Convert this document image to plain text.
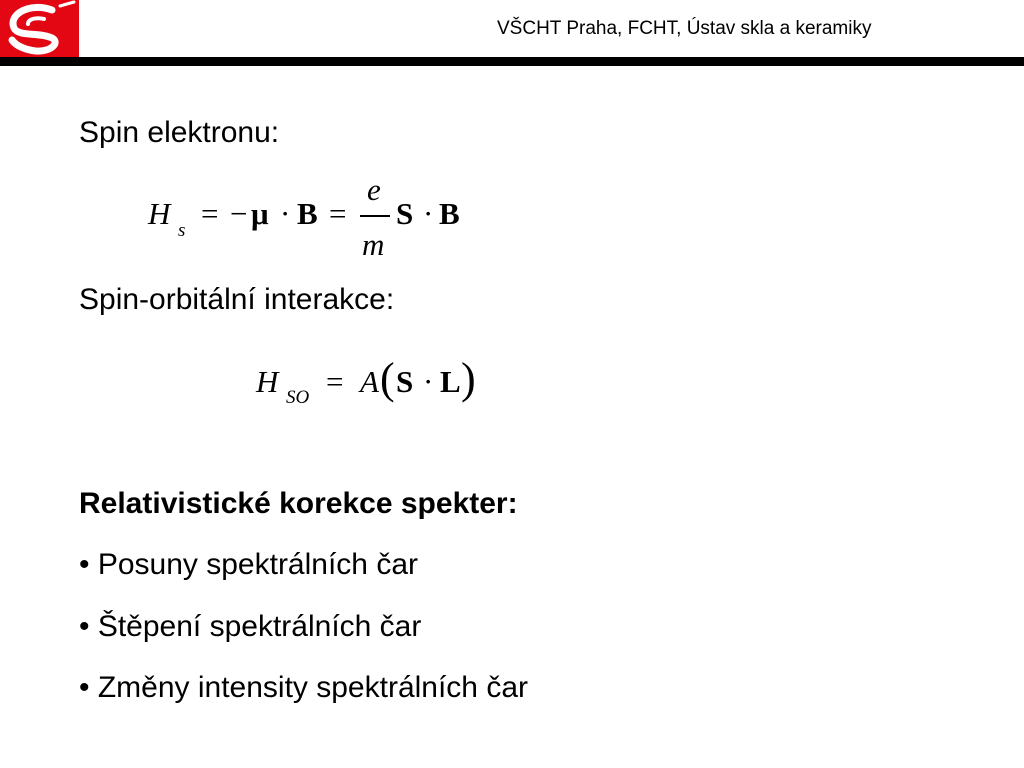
VŠCHT Praha, FCHT, Ústav skla a keramiky
Spin elektronu:
H s = − μ · B =
e
m
S · B
Spin-orbitální interakce:
H SO = A ( S · L )
Relativistické korekce spekter:
• Posuny spektrálních čar
• Štěpení spektrálních čar
• Změny intensity spektrálních čar
